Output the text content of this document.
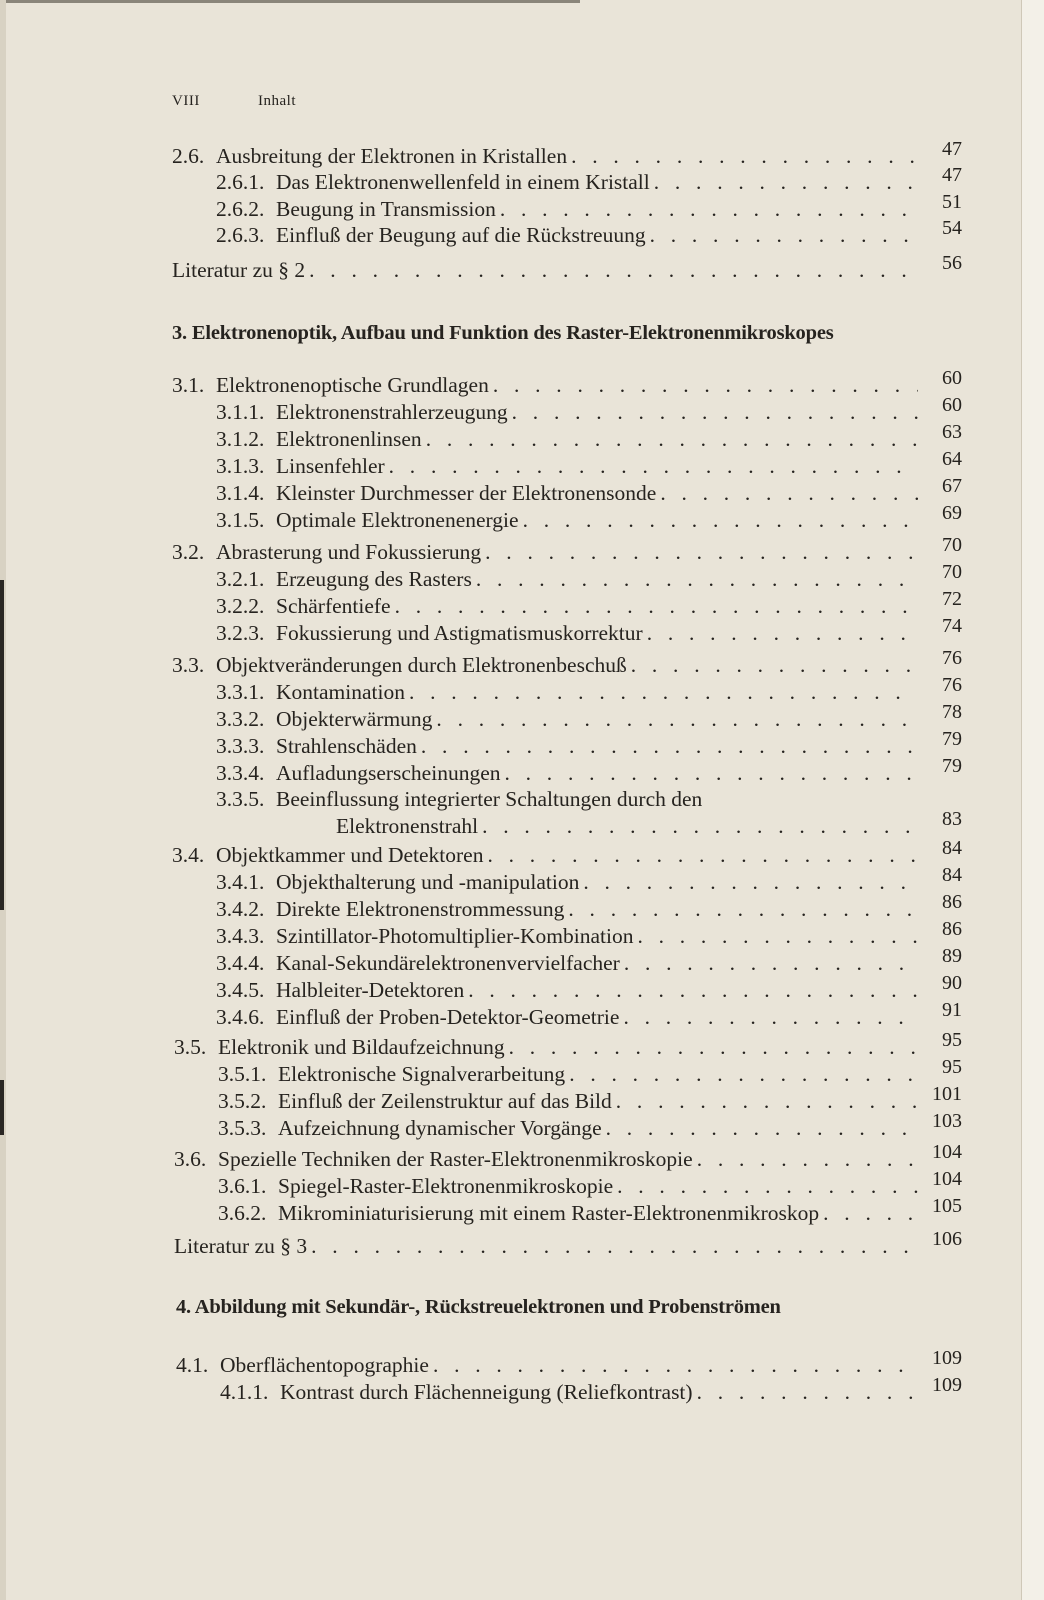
VIII	Inhalt
3. Elektronenoptik, Aufbau und Funktion des Raster-Elektronenmikroskopes
4. Abbildung mit Sekundär-, Rückstreuelektronen und Probenströmen
2.6. Ausbreitung der Elektronen in Kristallen . . .	47
2.6.1. Das Elektronenwellenfeld in einem Kristall . . .	47
2.6.2. Beugung in Transmission . . .	51
2.6.3. Einfluß der Beugung auf die Rückstreuung . . .	54
Literatur zu § 2 . . .	56
3.1. Elektronenoptische Grundlagen . . .	60
3.1.1. Elektronenstrahlerzeugung . . .	60
3.1.2. Elektronenlinsen . . .	63
3.1.3. Linsenfehler . . .	64
3.1.4. Kleinster Durchmesser der Elektronensonde . . .	67
3.1.5. Optimale Elektronenenergie . . .	69
3.2. Abrasterung und Fokussierung . . .	70
3.2.1. Erzeugung des Rasters . . .	70
3.2.2. Schärfentiefe . . .	72
3.2.3. Fokussierung und Astigmatismuskorrektur . . .	74
3.3. Objektveränderungen durch Elektronenbeschuß . . .	76
3.3.1. Kontamination . . .	76
3.3.2. Objekterwärmung . . .	78
3.3.3. Strahlenschäden . . .	79
3.3.4. Aufladungserscheinungen . . .	79
3.3.5. Beeinflussung integrierter Schaltungen durch den
Elektronenstrahl . . .	83
3.4. Objektkammer und Detektoren . . .	84
3.4.1. Objekthalterung und -manipulation . . .	84
3.4.2. Direkte Elektronenstrommessung . . .	86
3.4.3. Szintillator-Photomultiplier-Kombination . . .	86
3.4.4. Kanal-Sekundärelektronenvervielfacher . . .	89
3.4.5. Halbleiter-Detektoren . . .	90
3.4.6. Einfluß der Proben-Detektor-Geometrie . . .	91
3.5. Elektronik und Bildaufzeichnung . . .	95
3.5.1. Elektronische Signalverarbeitung . . .	95
3.5.2. Einfluß der Zeilenstruktur auf das Bild . . .	101
3.5.3. Aufzeichnung dynamischer Vorgänge . . .	103
3.6. Spezielle Techniken der Raster-Elektronenmikroskopie . . .	104
3.6.1. Spiegel-Raster-Elektronenmikroskopie . . .	104
3.6.2. Mikrominiaturisierung mit einem Raster-Elektronenmikroskop . . .	105
Literatur zu § 3 . . .	106
4.1. Oberflächentopographie . . .	109
4.1.1. Kontrast durch Flächenneigung (Reliefkontrast) . . .	109
